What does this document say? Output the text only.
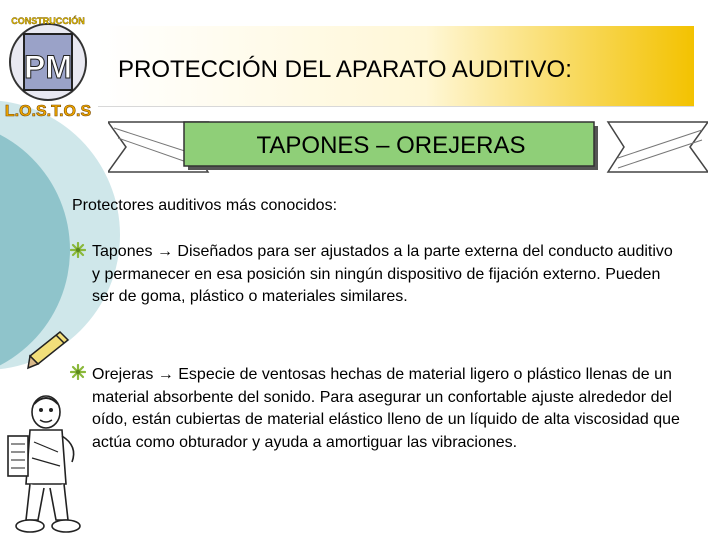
PM
CONSTRUCCIÓN
L.O.S.T.O.S
PROTECCIÓN DEL APARATO AUDITIVO:
TAPONES – OREJERAS
Protectores auditivos más conocidos:
Tapones → Diseñados para ser ajustados a la parte externa del conducto auditivo y permanecer en esa posición sin ningún dispositivo de fijación externo. Pueden ser de goma, plástico o materiales similares.
Orejeras → Especie de ventosas hechas de material ligero o plástico llenas de un material absorbente del sonido. Para asegurar un confortable ajuste alrededor del oído, están cubiertas de material elástico lleno de un líquido de alta viscosidad que actúa como obturador y ayuda a amortiguar las vibraciones.
